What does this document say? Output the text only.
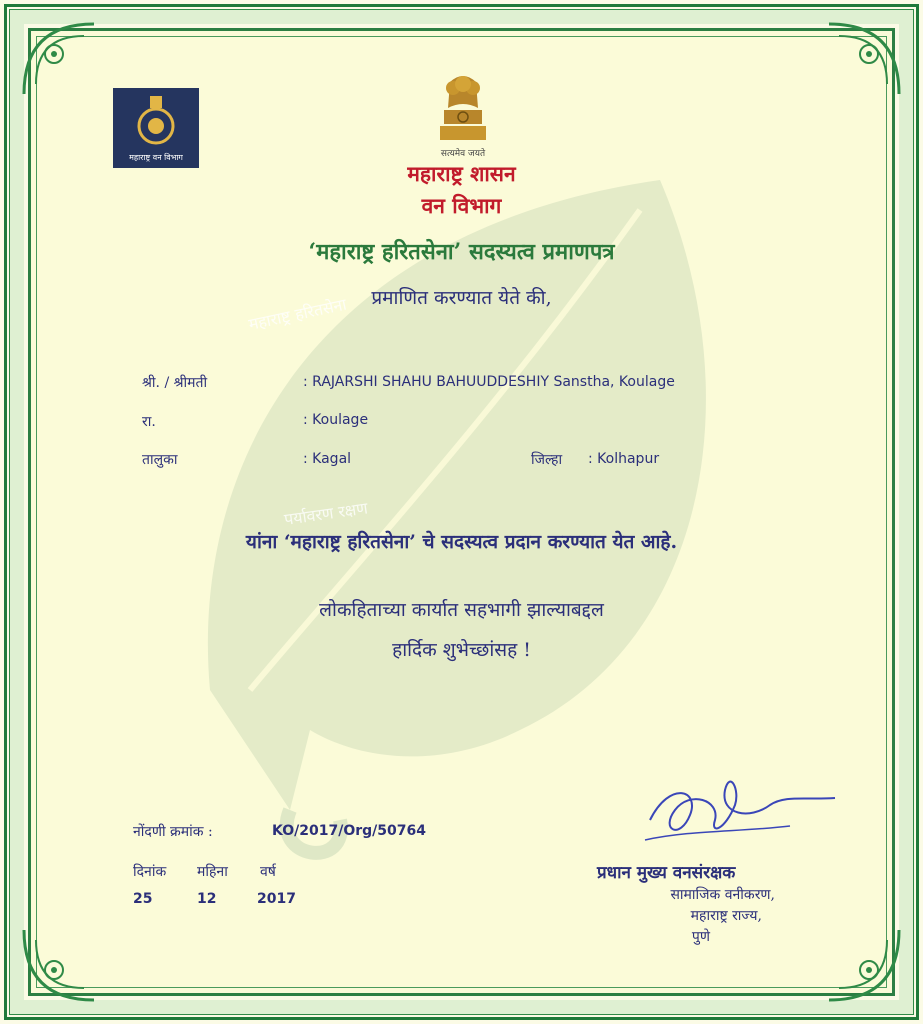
महाराष्ट्र हरितसेना
पर्यावरण रक्षण
महाराष्ट्र वन विभाग	सत्यमेव जयते

महाराष्ट्र शासन

वन विभाग

‘महाराष्ट्र हरितसेना’ सदस्यत्व प्रमाणपत्र

प्रमाणित करण्यात येते की,

श्री. / श्रीमती	: RAJARSHI SHAHU BAHUUDDESHIY Sanstha, Koulage
रा.	: Koulage
तालुका	: Kagal	जिल्हा : Kolhapur

यांना ‘महाराष्ट्र हरितसेना’ चे सदस्यत्व प्रदान करण्यात येत आहे.

लोकहिताच्या कार्यात सहभागी झाल्याबद्दल

हार्दिक शुभेच्छांसह !

नोंदणी क्रमांक :	KO/2017/Org/50764
दिनांक महिना वर्ष
25	12	2017
प्रधान मुख्य वनसंरक्षक
सामाजिक वनीकरण,
महाराष्ट्र राज्य,
पुणे
